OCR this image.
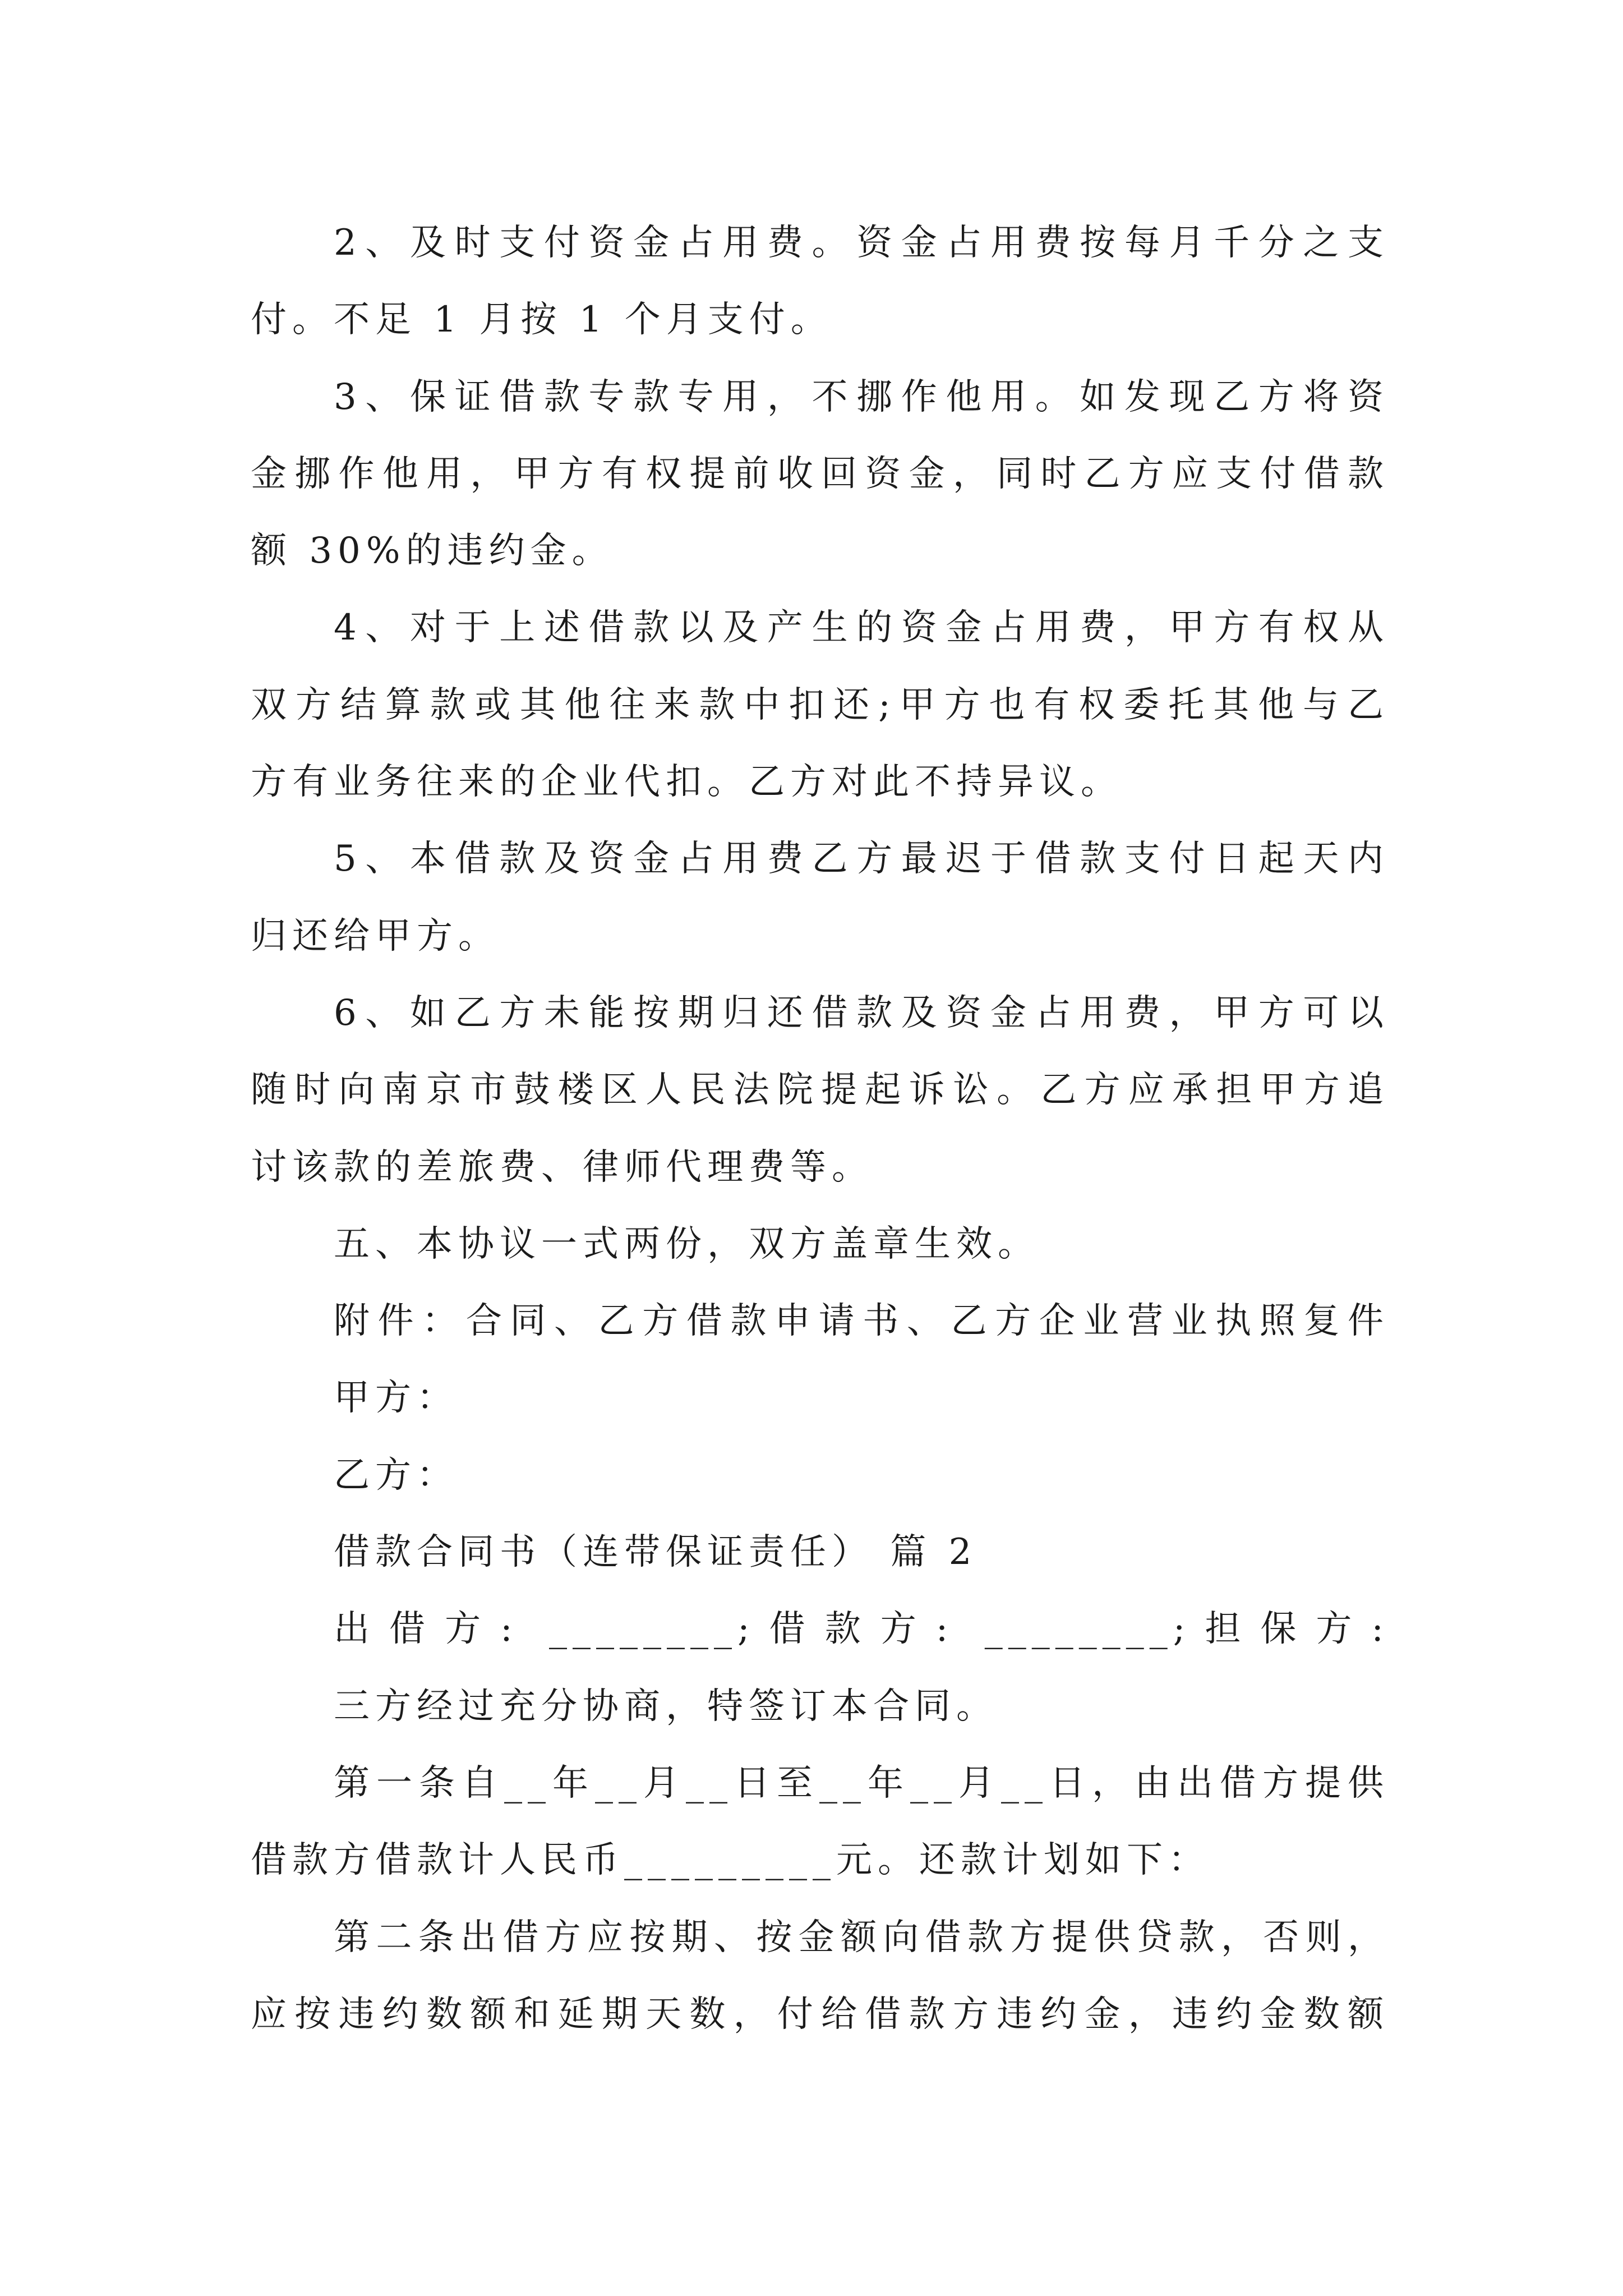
2、及时支付资金占用费。资金占用费按每月千分之支
付。不足 1 月按 1 个月支付。
3、保证借款专款专用，不挪作他用。如发现乙方将资
金挪作他用，甲方有权提前收回资金，同时乙方应支付借款
额 30%的违约金。
4、对于上述借款以及产生的资金占用费，甲方有权从
双方结算款或其他往来款中扣还;甲方也有权委托其他与乙
方有业务往来的企业代扣。乙方对此不持异议。
5、本借款及资金占用费乙方最迟于借款支付日起天内
归还给甲方。
6、如乙方未能按期归还借款及资金占用费，甲方可以
随时向南京市鼓楼区人民法院提起诉讼。乙方应承担甲方追
讨该款的差旅费、律师代理费等。
五、本协议一式两份，双方盖章生效。
附件：合同、乙方借款申请书、乙方企业营业执照复件
甲方：
乙方：
借款合同书（连带保证责任） 篇 2
出借方: ________;借款方: ________;担保方:
三方经过充分协商，特签订本合同。
第一条自__年__月__日至__年__月__日，由出借方提供
借款方借款计人民币_________元。还款计划如下：
第二条出借方应按期、按金额向借款方提供贷款，否则，
应按违约数额和延期天数，付给借款方违约金，违约金数额
